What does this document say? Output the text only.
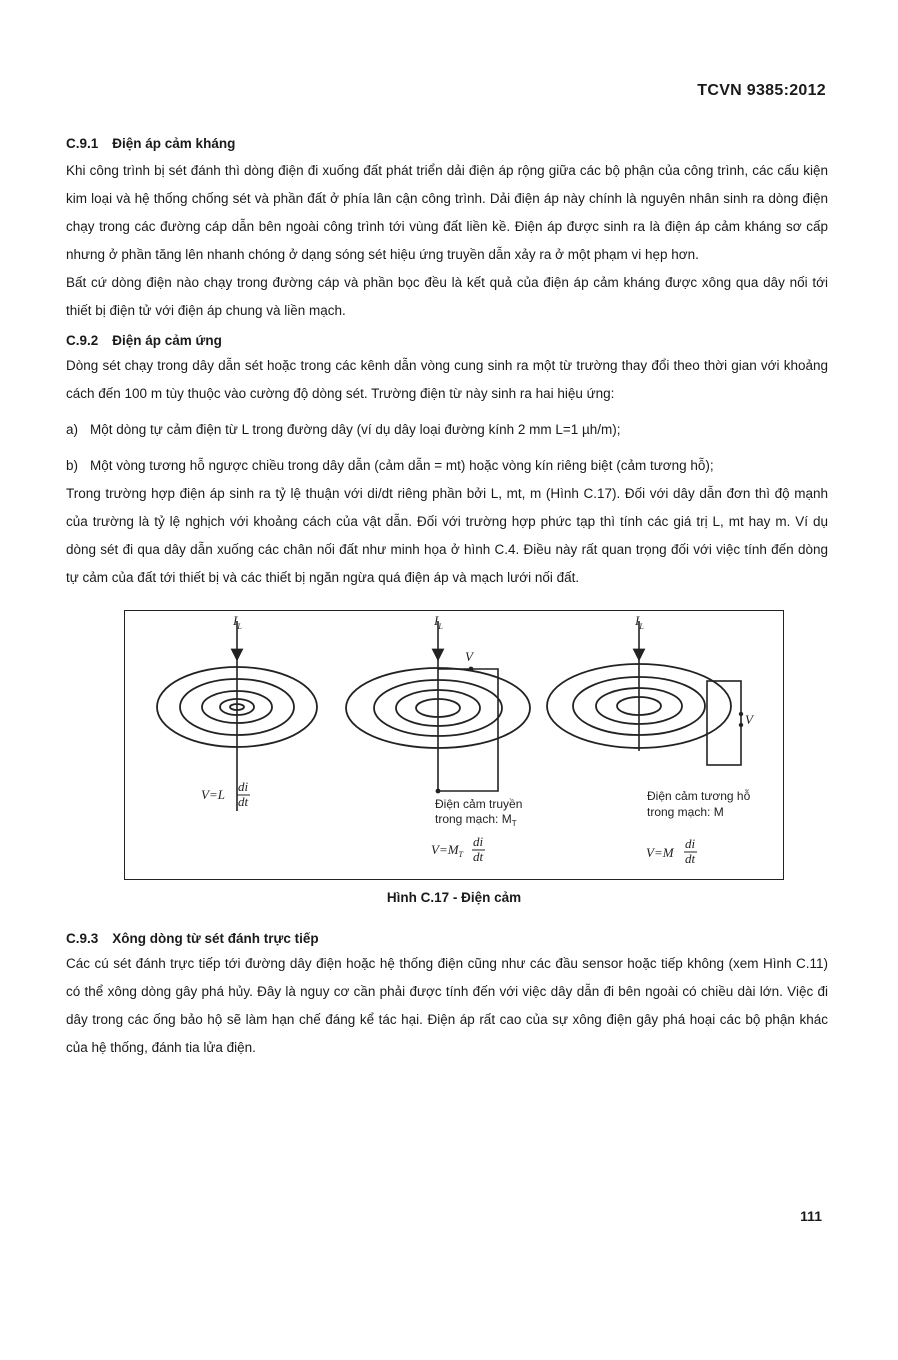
TCVN 9385:2012
C.9.1 Điện áp cảm kháng

Khi công trình bị sét đánh thì dòng điện đi xuống đất phát triển dải điện áp rộng giữa các bộ phận của công trình, các cấu kiện kim loại và hệ thống chống sét và phần đất ở phía lân cận công trình. Dải điện áp này chính là nguyên nhân sinh ra dòng điện chạy trong các đường cáp dẫn bên ngoài công trình tới vùng đất liền kề. Điện áp được sinh ra là điện áp cảm kháng sơ cấp nhưng ở phần tăng lên nhanh chóng ở dạng sóng sét hiệu ứng truyền dẫn xảy ra ở một phạm vi hẹp hơn.

Bất cứ dòng điện nào chạy trong đường cáp và phần bọc đều là kết quả của điện áp cảm kháng được xông qua dây nối tới thiết bị điện tử với điện áp chung và liền mạch.

C.9.2 Điện áp cảm ứng

Dòng sét chạy trong dây dẫn sét hoặc trong các kênh dẫn vòng cung sinh ra một từ trường thay đổi theo thời gian với khoảng cách đến 100 m tùy thuộc vào cường độ dòng sét. Trường điện từ này sinh ra hai hiệu ứng:

a) Một dòng tự cảm điện từ L trong đường dây (ví dụ dây loại đường kính 2 mm L=1 µh/m);

b) Một vòng tương hỗ ngược chiều trong dây dẫn (cảm dẫn = mt) hoặc vòng kín riêng biệt (cảm tương hỗ);

Trong trường hợp điện áp sinh ra tỷ lệ thuận với di/dt riêng phần bởi L, mt, m (Hình C.17). Đối với dây dẫn đơn thì độ mạnh của trường là tỷ lệ nghịch với khoảng cách của vật dẫn. Đối với trường hợp phức tạp thì tính các giá trị L, mt hay m. Ví dụ dòng sét đi qua dây dẫn xuống các chân nối đất như minh họa ở hình C.4. Điều này rất quan trọng đối với việc tính đến dòng tự cảm của đất tới thiết bị và các thiết bị ngăn ngừa quá điện áp và mạch lưới nối đất.

$I_L$
V=L
di
dt
$I_L$
V
Điện cảm truyền
trong mạch: $M_T$
$V=M_T$
di
dt
$I_L$
V
Điện cảm tương hỗ
trong mạch: M
V=M
di
dt
Hình C.17 - Điện cảm
C.9.3 Xông dòng từ sét đánh trực tiếp

Các cú sét đánh trực tiếp tới đường dây điện hoặc hệ thống điện cũng như các đầu sensor hoặc tiếp không (xem Hình C.11) có thể xông dòng gây phá hủy. Đây là nguy cơ cần phải được tính đến với việc dây dẫn đi bên ngoài có chiều dài lớn. Việc đi dây trong các ống bảo hộ sẽ làm hạn chế đáng kể tác hại. Điện áp rất cao của sự xông điện gây phá hoại các bộ phận khác của hệ thống, đánh tia lửa điện.

111
